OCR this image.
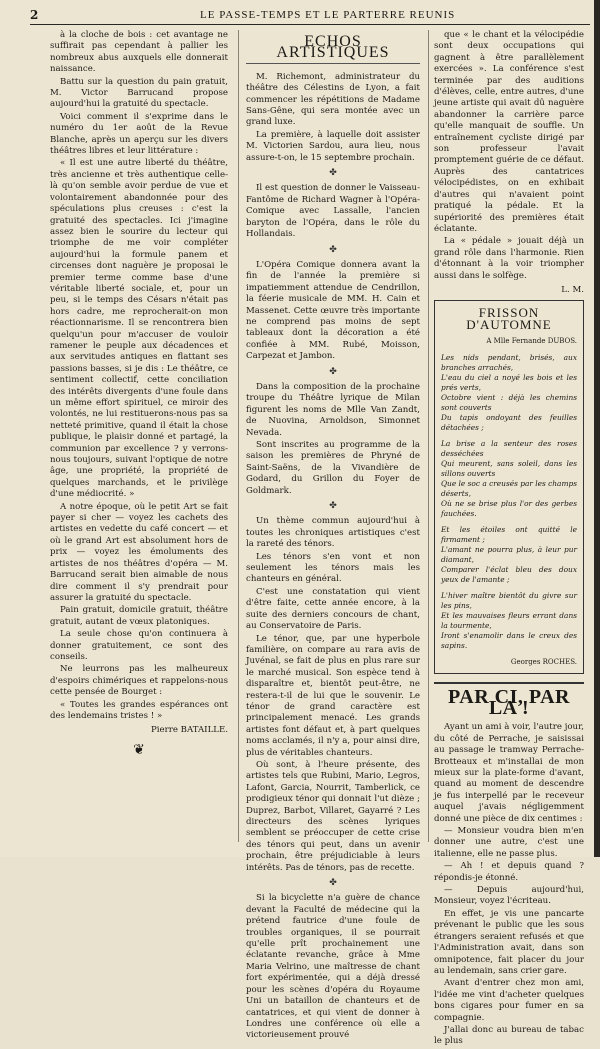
2	LE PASSE-TEMPS ET LE PARTERRE REUNIS

à la cloche de bois : cet avantage ne suffirait pas cependant à pallier les nombreux abus auxquels elle donnerait naissance.

Battu sur la question du pain gratuit, M. Victor Barrucand propose aujourd'hui la gratuité du spectacle.

Voici comment il s'exprime dans le numéro du 1er août de la Revue Blanche, après un aperçu sur les divers théâtres libres et leur littérature :

« Il est une autre liberté du théâtre, très ancienne et très authentique celle-là qu'on semble avoir perdue de vue et volontairement abandonnée pour des spéculations plus creuses : c'est la gratuité des spectacles. Ici j'imagine assez bien le sourire du lecteur qui triomphe de me voir compléter aujourd'hui la formule panem et circenses dont naguère je proposai le premier terme comme base d'une véritable liberté sociale, et, pour un peu, si le temps des Césars n'était pas hors cadre, me reprocherait-on mon réactionnarisme. Il se rencontrera bien quelqu'un pour m'accuser de vouloir ramener le peuple aux décadences et aux servitudes antiques en flattant ses passions basses, si je dis : Le théâtre, ce sentiment collectif, cette conciliation des intérêts divergents d'une foule dans un même effort spirituel, ce miroir des volontés, ne lui restituerons-nous pas sa netteté primitive, quand il était la chose publique, le plaisir donné et partagé, la communion par excellence ? y verrons-nous toujours, suivant l'optique de notre âge, une propriété, la propriété de quelques marchands, et le privilège d'une médiocrité. »

A notre époque, où le petit Art se fait payer si cher — voyez les cachets des artistes en vedette du café concert — et où le grand Art est absolument hors de prix — voyez les émoluments des artistes de nos théâtres d'opéra — M. Barrucand serait bien aimable de nous dire comment il s'y prendrait pour assurer la gratuité du spectacle.

Pain gratuit, domicile gratuit, théâtre gratuit, autant de vœux platoniques.

La seule chose qu'on continuera à donner gratuitement, ce sont des conseils.

Ne leurrons pas les malheureux d'espoirs chimériques et rappelons-nous cette pensée de Bourget :

« Toutes les grandes espérances ont des lendemains tristes ! »

Pierre BATAILLE.
❦
ECHOS ARTISTIQUES

M. Richemont, administrateur du théâtre des Célestins de Lyon, a fait commencer les répétitions de Madame Sans-Gêne, qui sera montée avec un grand luxe.

La première, à laquelle doit assister M. Victorien Sardou, aura lieu, nous assure-t-on, le 15 septembre prochain.

✤

Il est question de donner le Vaisseau-Fantôme de Richard Wagner à l'Opéra-Comique avec Lassalle, l'ancien baryton de l'Opéra, dans le rôle du Hollandais.

✤

L'Opéra Comique donnera avant la fin de l'année la première si impatiemment attendue de Cendrillon, la féerie musicale de MM. H. Cain et Massenet. Cette œuvre très importante ne comprend pas moins de sept tableaux dont la décoration a été confiée à MM. Rubé, Moisson, Carpezat et Jambon.

✤

Dans la composition de la prochaine troupe du Théâtre lyrique de Milan figurent les noms de Mlle Van Zandt, de Nuovina, Arnoldson, Simonnet Nevada.

Sont inscrites au programme de la saison les premières de Phryné de Saint-Saëns, de la Vivandière de Godard, du Grillon du Foyer de Goldmark.

✤

Un thème commun aujourd'hui à toutes les chroniques artistiques c'est la rareté des ténors.

Les ténors s'en vont et non seulement les ténors mais les chanteurs en général.

C'est une constatation qui vient d'être faite, cette année encore, à la suite des derniers concours de chant, au Conservatoire de Paris.

Le ténor, que, par une hyperbole familière, on compare au rara avis de Juvénal, se fait de plus en plus rare sur le marché musical. Son espèce tend à disparaître et, bientôt peut-être, ne restera-t-il de lui que le souvenir. Le ténor de grand caractère est principalement menacé. Les grands artistes font défaut et, à part quelques noms acclamés, il n'y a, pour ainsi dire, plus de véritables chanteurs.

Où sont, à l'heure présente, des artistes tels que Rubini, Mario, Legros, Lafont, Garcia, Nourrit, Tamberlick, ce prodigieux ténor qui donnait l'ut dièze ; Duprez, Barbot, Villaret, Gayarré ? Les directeurs des scènes lyriques semblent se préoccuper de cette crise des ténors qui peut, dans un avenir prochain, être préjudiciable à leurs intérêts. Pas de ténors, pas de recette.

✤

Si la bicyclette n'a guère de chance devant la Faculté de médecine qui la prétend fautrice d'une foule de troubles organiques, il se pourrait qu'elle prît prochainement une éclatante revanche, grâce à Mme Maria Velrino, une maîtresse de chant fort expérimentée, qui a déjà dressé pour les scènes d'opéra du Royaume Uni un bataillon de chanteurs et de cantatrices, et qui vient de donner à Londres une conférence où elle a victorieusement prouvé

que « le chant et la vélocipédie sont deux occupations qui gagnent à être parallèlement exercées ». La conférence s'est terminée par des auditions d'élèves, celle, entre autres, d'une jeune artiste qui avait dû naguère abandonner la carrière parce qu'elle manquait de souffle. Un entraînement cycliste dirigé par son professeur l'avait promptement guérie de ce défaut. Auprès des cantatrices vélocipédistes, on en exhibait d'autres qui n'avaient point pratiqué la pédale. Et la supériorité des premières était éclatante.

La « pédale » jouait déjà un grand rôle dans l'harmonie. Rien d'étonnant à la voir triompher aussi dans le solfège.

L. M.
FRISSON D'AUTOMNE
A Mlle Fernande DUBOS.
Les nids pendant, brisés, aux branches arrachés,
L'eau du ciel a noyé les bois et les prés verts,
Octobre vient : déjà les chemins sont couverts
Du tapis ondoyant des feuilles détachées ;
La brise a la senteur des roses desséchées
Qui meurent, sans soleil, dans les sillons ouverts
Que le soc a creusés par les champs déserts,
Où ne se brise plus l'or des gerbes fauchées.
Et les étoiles ont quitté le firmament ;
L'amant ne pourra plus, à leur pur diamant,
Comparer l'éclat bleu des doux yeux de l'amante ;
L'hiver maître bientôt du givre sur les pins,
Et les mauvaises fleurs errant dans la tourmente,
Iront s'enamolir dans le creux des sapins.
Georges ROCHES.
PAR CI, PAR LA !

Ayant un ami à voir, l'autre jour, du côté de Perrache, je saisissai au passage le tramway Perrache-Brotteaux et m'installai de mon mieux sur la plate-forme d'avant, quand au moment de descendre je fus interpellé par le receveur auquel j'avais négligemment donné une pièce de dix centimes :

— Monsieur voudra bien m'en donner une autre, c'est une italienne, elle ne passe plus.

— Ah ! et depuis quand ? répondis-je étonné.

— Depuis aujourd'hui, Monsieur, voyez l'écriteau.

En effet, je vis une pancarte prévenant le public que les sous étrangers seraient refusés et que l'Administration avait, dans son omnipotence, fait placer du jour au lendemain, sans crier gare.

Avant d'entrer chez mon ami, l'idée me vint d'acheter quelques bons cigares pour fumer en sa compagnie.

J'allai donc au bureau de tabac le plus
